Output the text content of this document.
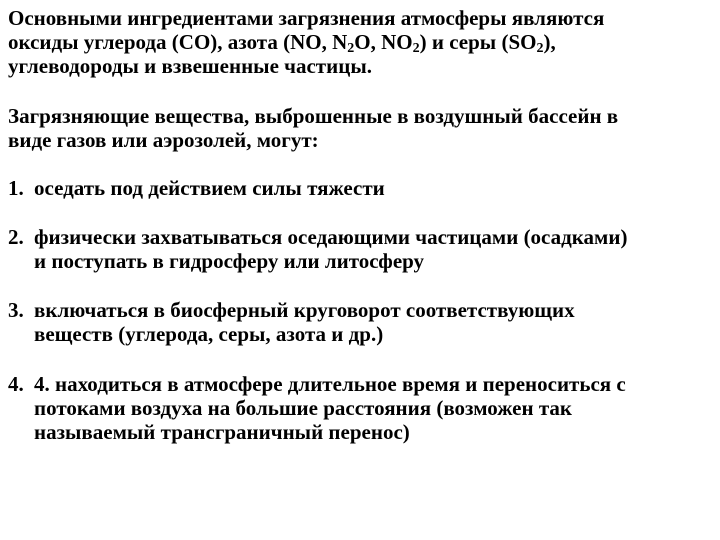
Основными ингредиентами загрязнения атмосферы являются
оксиды углерода (СО), азота (NO, $N_2O$, $NO_2$) и серы $(SO_2)$,
углеводороды и взвешенные частицы.
Загрязняющие вещества, выброшенные в воздушный бассейн в
виде газов или аэрозолей, могут:
1. оседать под действием силы тяжести
2. физически захватываться оседающими частицами (осадками)
и поступать в гидросферу или литосферу
3. включаться в биосферный круговорот соответствующих
веществ (углерода, серы, азота и др.)
4. 4. находиться в атмосфере длительное время и переноситься с
потоками воздуха на большие расстояния (возможен так
называемый трансграничный перенос)
